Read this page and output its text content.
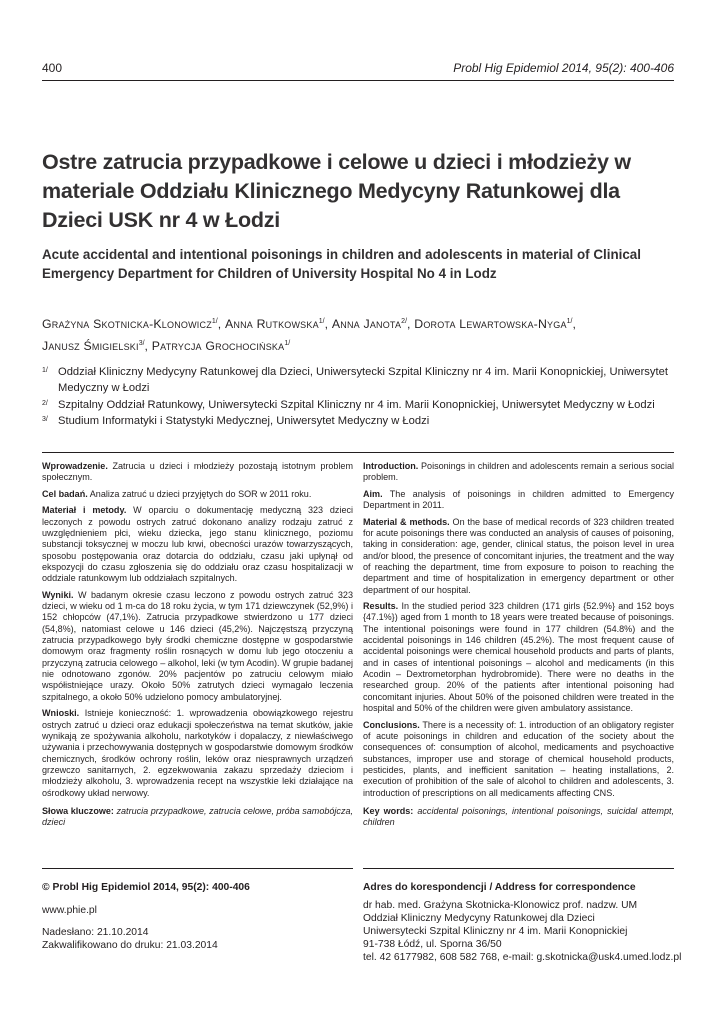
400	Probl Hig Epidemiol 2014, 95(2): 400-406
Ostre zatrucia przypadkowe i celowe u dzieci i młodzieży w materiale Oddziału Klinicznego Medycyny Ratunkowej dla Dzieci USK nr 4 w Łodzi
Acute accidental and intentional poisonings in children and adolescents in material of Clinical Emergency Department for Children of University Hospital No 4 in Lodz
Grażyna Skotnicka-Klonowicz$^{1/}$, Anna Rutkowska$^{1/}$, Anna Janota$^{2/}$, Dorota Lewartowska-Nyga$^{1/}$,
Janusz Śmigielski$^{3/}$, Patrycja Grochocińska$^{1/}$
1/ Oddział Kliniczny Medycyny Ratunkowej dla Dzieci, Uniwersytecki Szpital Kliniczny nr 4 im. Marii Konopnickiej, Uniwersytet Medyczny w Łodzi
2/ Szpitalny Oddział Ratunkowy, Uniwersytecki Szpital Kliniczny nr 4 im. Marii Konopnickiej, Uniwersytet Medyczny w Łodzi
3/ Studium Informatyki i Statystyki Medycznej, Uniwersytet Medyczny w Łodzi

Wprowadzenie. Zatrucia u dzieci i młodzieży pozostają istotnym problem społecznym.

Cel badań. Analiza zatruć u dzieci przyjętych do SOR w 2011 roku.

Materiał i metody. W oparciu o dokumentację medyczną 323 dzieci leczonych z powodu ostrych zatruć dokonano analizy rodzaju zatruć z uwzględnieniem płci, wieku dziecka, jego stanu klinicznego, poziomu substancji toksycznej w moczu lub krwi, obecności urazów towarzyszących, sposobu postępowania oraz dotarcia do oddziału, czasu jaki upłynął od ekspozycji do czasu zgłoszenia się do oddziału oraz czasu hospitalizacji w oddziale ratunkowym lub oddziałach szpitalnych.

Wyniki. W badanym okresie czasu leczono z powodu ostrych zatruć 323 dzieci, w wieku od 1 m-ca do 18 roku życia, w tym 171 dziewczynek (52,9%) i 152 chłopców (47,1%). Zatrucia przypadkowe stwierdzono u 177 dzieci (54,8%), natomiast celowe u 146 dzieci (45,2%). Najczęstszą przyczyną zatrucia przypadkowego były środki chemiczne dostępne w gospodarstwie domowym oraz fragmenty roślin rosnących w domu lub jego otoczeniu a przyczyną zatrucia celowego – alkohol, leki (w tym Acodin). W grupie badanej nie odnotowano zgonów. 20% pacjentów po zatruciu celowym miało współistniejące urazy. Około 50% zatrutych dzieci wymagało leczenia szpitalnego, a około 50% udzielono pomocy ambulatoryjnej.

Wnioski. Istnieje konieczność: 1. wprowadzenia obowiązkowego rejestru ostrych zatruć u dzieci oraz edukacji społeczeństwa na temat skutków, jakie wynikają ze spożywania alkoholu, narkotyków i dopalaczy, z niewłaściwego używania i przechowywania dostępnych w gospodarstwie domowym środków chemicznych, środków ochrony roślin, leków oraz niesprawnych urządzeń grzewczo sanitarnych, 2. egzekwowania zakazu sprzedaży dzieciom i młodzieży alkoholu, 3. wprowadzenia recept na wszystkie leki działające na ośrodkowy układ nerwowy.

Słowa kluczowe: zatrucia przypadkowe, zatrucia celowe, próba samobójcza, dzieci

Introduction. Poisonings in children and adolescents remain a serious social problem.

Aim. The analysis of poisonings in children admitted to Emergency Department in 2011.

Material & methods. On the base of medical records of 323 children treated for acute poisonings there was conducted an analysis of causes of poisoning, taking in consideration: age, gender, clinical status, the poison level in urea and/or blood, the presence of concomitant injuries, the treatment and the way of reaching the department, time from exposure to poison to reaching the department and time of hospitalization in emergency department or other department of our hospital.

Results. In the studied period 323 children (171 girls {52.9%} and 152 boys {47.1%}) aged from 1 month to 18 years were treated because of poisonings. The intentional poisonings were found in 177 children (54.8%) and the accidental poisonings in 146 children (45.2%). The most frequent cause of accidental poisonings were chemical household products and parts of plants, and in cases of intentional poisonings – alcohol and medicaments (in this Acodin – Dextrometorphan hydrobromide). There were no deaths in the researched group. 20% of the patients after intentional poisoning had concomitant injuries. About 50% of the poisoned children were treated in the hospital and 50% of the children were given ambulatory assistance.

Conclusions. There is a necessity of: 1. introduction of an obligatory register of acute poisonings in children and education of the society about the consequences of: consumption of alcohol, medicaments and psychoactive substances, improper use and storage of chemical household products, pesticides, plants, and inefficient sanitation – heating installations, 2. execution of prohibition of the sale of alcohol to children and adolescents, 3. introduction of prescriptions on all medicaments affecting CNS.

Key words: accidental poisonings, intentional poisonings, suicidal attempt, children

© Probl Hig Epidemiol 2014, 95(2): 400-406
www.phie.pl
Nadesłano: 21.10.2014
Zakwalifikowano do druku: 21.03.2014
Adres do korespondencji / Address for correspondence
dr hab. med. Grażyna Skotnicka-Klonowicz prof. nadzw. UM
Oddział Kliniczny Medycyny Ratunkowej dla Dzieci
Uniwersytecki Szpital Kliniczny nr 4 im. Marii Konopnickiej
91-738 Łódź, ul. Sporna 36/50
tel. 42 6177982, 608 582 768, e-mail: g.skotnicka@usk4.umed.lodz.pl
